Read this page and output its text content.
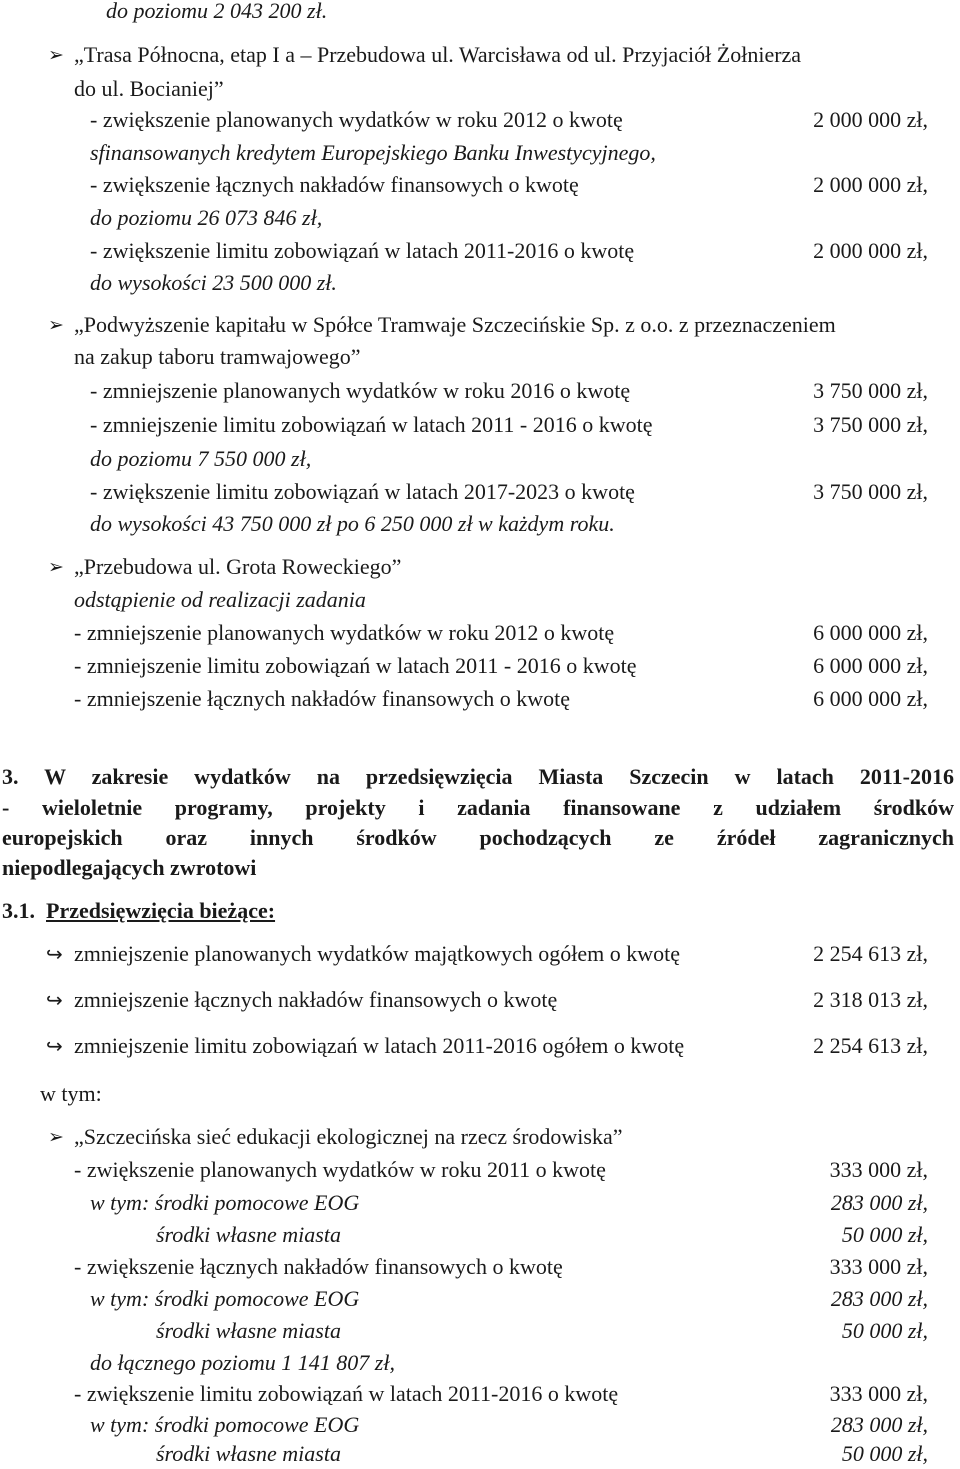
do poziomu 2 043 200 zł.
➢ „Trasa Północna, etap I a – Przebudowa ul. Warcisława od ul. Przyjaciół Żołnierza
do ul. Bocianiej”
- zwiększenie planowanych wydatków w roku 2012 o kwotę	2 000 000 zł,
sfinansowanych kredytem Europejskiego Banku Inwestycyjnego,
- zwiększenie łącznych nakładów finansowych o kwotę	2 000 000 zł,
do poziomu 26 073 846 zł,
- zwiększenie limitu zobowiązań w latach 2011-2016 o kwotę	2 000 000 zł,
do wysokości 23 500 000 zł.
➢ „Podwyższenie kapitału w Spółce Tramwaje Szczecińskie Sp. z o.o. z przeznaczeniem
na zakup taboru tramwajowego”
- zmniejszenie planowanych wydatków w roku 2016 o kwotę	3 750 000 zł,
- zmniejszenie limitu zobowiązań w latach 2011 - 2016 o kwotę	3 750 000 zł,
do poziomu 7 550 000 zł,
- zwiększenie limitu zobowiązań w latach 2017-2023 o kwotę	3 750 000 zł,
do wysokości 43 750 000 zł po 6 250 000 zł w każdym roku.
➢ „Przebudowa ul. Grota Roweckiego”
odstąpienie od realizacji zadania
- zmniejszenie planowanych wydatków w roku 2012 o kwotę	6 000 000 zł,
- zmniejszenie limitu zobowiązań w latach 2011 - 2016 o kwotę	6 000 000 zł,
- zmniejszenie łącznych nakładów finansowych o kwotę	6 000 000 zł,
3. W zakresie wydatków na przedsięwzięcia Miasta Szczecin w latach 2011-2016
- wieloletnie programy, projekty i zadania finansowane z udziałem środków
europejskich oraz innych środków pochodzących ze źródeł zagranicznych
niepodlegających zwrotowi
3.1. Przedsięwzięcia bieżące:
↪ zmniejszenie planowanych wydatków majątkowych ogółem o kwotę	2 254 613 zł,
↪ zmniejszenie łącznych nakładów finansowych o kwotę	2 318 013 zł,
↪ zmniejszenie limitu zobowiązań w latach 2011-2016 ogółem o kwotę	2 254 613 zł,
w tym:
➢ „Szczecińska sieć edukacji ekologicznej na rzecz środowiska”
- zwiększenie planowanych wydatków w roku 2011 o kwotę	333 000 zł,
w tym: środki pomocowe EOG	283 000 zł,
środki własne miasta	50 000 zł,
- zwiększenie łącznych nakładów finansowych o kwotę	333 000 zł,
w tym: środki pomocowe EOG	283 000 zł,
środki własne miasta	50 000 zł,
do łącznego poziomu 1 141 807 zł,
- zwiększenie limitu zobowiązań w latach 2011-2016 o kwotę	333 000 zł,
w tym: środki pomocowe EOG	283 000 zł,
środki własne miasta	50 000 zł,
